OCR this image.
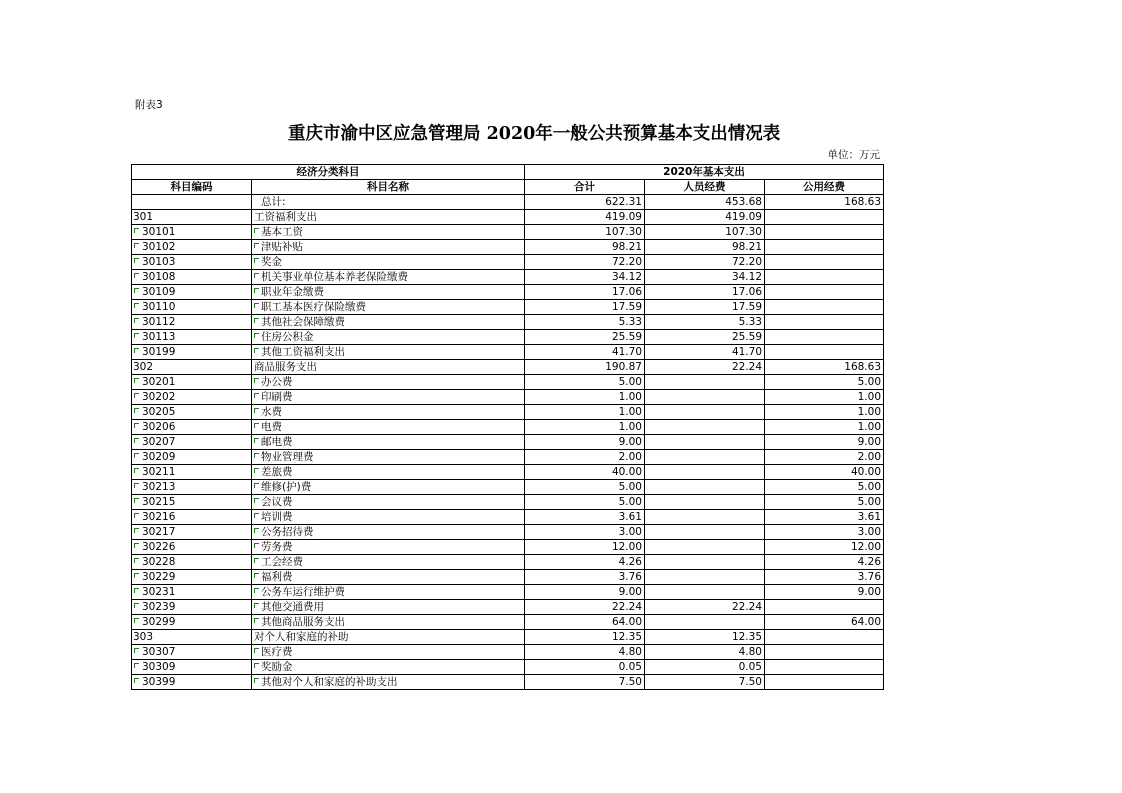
附表3
重庆市渝中区应急管理局 2020年一般公共预算基本支出情况表
单位：万元
经济分类科目		2020年基本支出		
科目编码	科目名称	合计	人员经费	公用经费
	总计:	622.31	453.68	168.63
301	工资福利支出	419.09	419.09	
30101	基本工资	107.30	107.30	
30102	津贴补贴	98.21	98.21	
30103	奖金	72.20	72.20	
30108	机关事业单位基本养老保险缴费	34.12	34.12	
30109	职业年金缴费	17.06	17.06	
30110	职工基本医疗保险缴费	17.59	17.59	
30112	其他社会保障缴费	5.33	5.33	
30113	住房公积金	25.59	25.59	
30199	其他工资福利支出	41.70	41.70	
302	商品服务支出	190.87	22.24	168.63
30201	办公费	5.00		5.00
30202	印刷费	1.00		1.00
30205	水费	1.00		1.00
30206	电费	1.00		1.00
30207	邮电费	9.00		9.00
30209	物业管理费	2.00		2.00
30211	差旅费	40.00		40.00
30213	维修(护)费	5.00		5.00
30215	会议费	5.00		5.00
30216	培训费	3.61		3.61
30217	公务招待费	3.00		3.00
30226	劳务费	12.00		12.00
30228	工会经费	4.26		4.26
30229	福利费	3.76		3.76
30231	公务车运行维护费	9.00		9.00
30239	其他交通费用	22.24	22.24	
30299	其他商品服务支出	64.00		64.00
303	对个人和家庭的补助	12.35	12.35	
30307	医疗费	4.80	4.80	
30309	奖励金	0.05	0.05	
30399	其他对个人和家庭的补助支出	7.50	7.50	
